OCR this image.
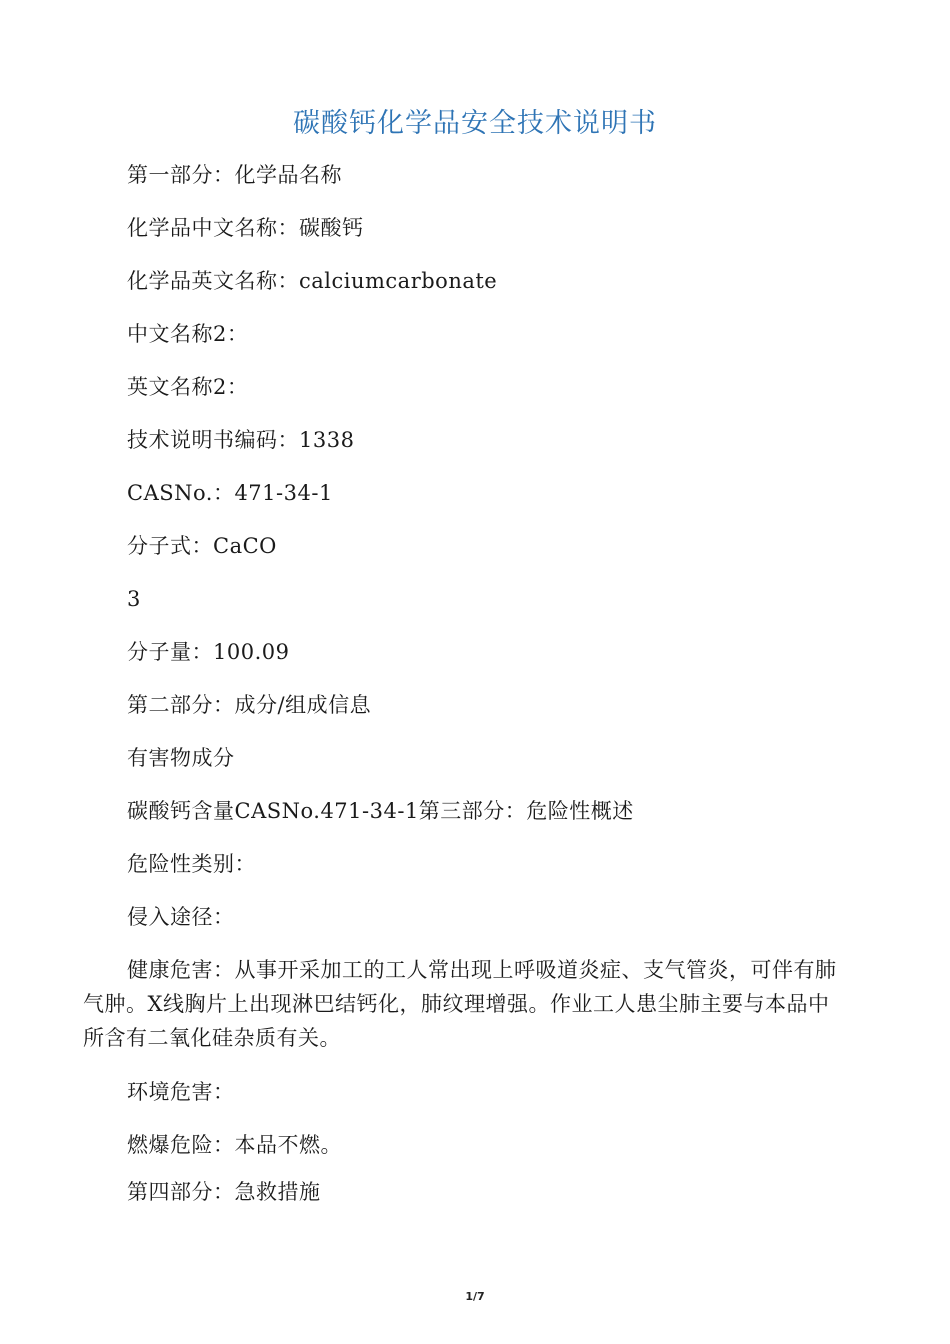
碳酸钙化学品安全技术说明书
第一部分：化学品名称
化学品中文名称：碳酸钙
化学品英文名称：calciumcarbonate
中文名称2：
英文名称2：
技术说明书编码：1338
CASNo.：471-34-1
分子式：CaCO
3
分子量：100.09
第二部分：成分/组成信息
有害物成分
碳酸钙含量CASNo.471-34-1第三部分：危险性概述
危险性类别：
侵入途径：
健康危害：从事开采加工的工人常出现上呼吸道炎症、支气管炎，可伴有肺气肿。X线胸片上出现淋巴结钙化，肺纹理增强。作业工人患尘肺主要与本品中所含有二氧化硅杂质有关。
环境危害：
燃爆危险：本品不燃。
第四部分：急救措施
1/7
